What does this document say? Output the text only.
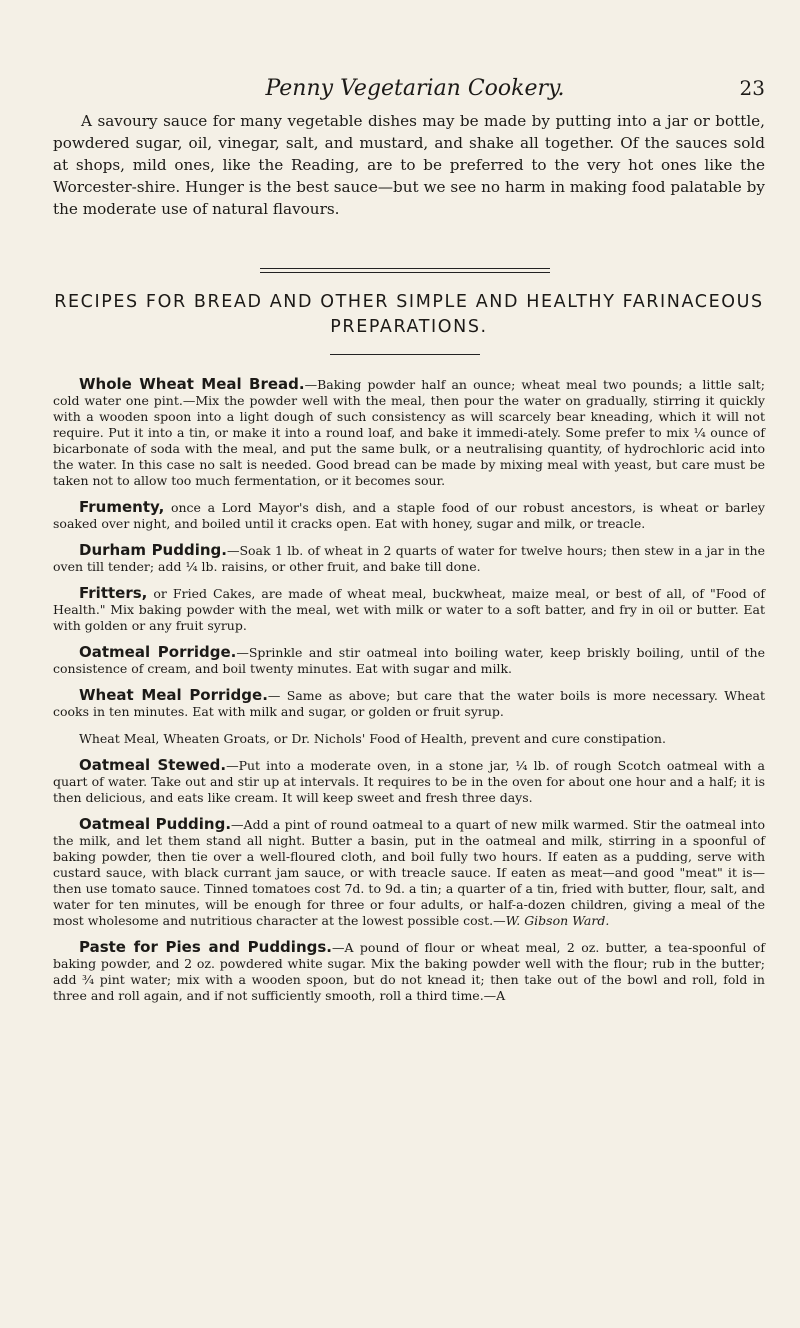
Penny Vegetarian Cookery.	23

A savoury sauce for many vegetable dishes may be made by putting into a jar or bottle, powdered sugar, oil, vinegar, salt, and mustard, and shake all together. Of the sauces sold at shops, mild ones, like the Reading, are to be preferred to the very hot ones like the Worcester-shire. Hunger is the best sauce—but we see no harm in making food palatable by the moderate use of natural flavours.

RECIPES FOR BREAD AND OTHER SIMPLE AND HEALTHY FARINACEOUS PREPARATIONS.

Whole Wheat Meal Bread.—Baking powder half an ounce; wheat meal two pounds; a little salt; cold water one pint.—Mix the powder well with the meal, then pour the water on gradually, stirring it quickly with a wooden spoon into a light dough of such consistency as will scarcely bear kneading, which it will not require. Put it into a tin, or make it into a round loaf, and bake it immedi-ately. Some prefer to mix ¼ ounce of bicarbonate of soda with the meal, and put the same bulk, or a neutralising quantity, of hydrochloric acid into the water. In this case no salt is needed. Good bread can be made by mixing meal with yeast, but care must be taken not to allow too much fermentation, or it becomes sour.

Frumenty, once a Lord Mayor's dish, and a staple food of our robust ancestors, is wheat or barley soaked over night, and boiled until it cracks open. Eat with honey, sugar and milk, or treacle.

Durham Pudding.—Soak 1 lb. of wheat in 2 quarts of water for twelve hours; then stew in a jar in the oven till tender; add ¼ lb. raisins, or other fruit, and bake till done.

Fritters, or Fried Cakes, are made of wheat meal, buckwheat, maize meal, or best of all, of "Food of Health." Mix baking powder with the meal, wet with milk or water to a soft batter, and fry in oil or butter. Eat with golden or any fruit syrup.

Oatmeal Porridge.—Sprinkle and stir oatmeal into boiling water, keep briskly boiling, until of the consistence of cream, and boil twenty minutes. Eat with sugar and milk.

Wheat Meal Porridge.— Same as above; but care that the water boils is more necessary. Wheat cooks in ten minutes. Eat with milk and sugar, or golden or fruit syrup.

Wheat Meal, Wheaten Groats, or Dr. Nichols' Food of Health, prevent and cure constipation.

Oatmeal Stewed.—Put into a moderate oven, in a stone jar, ¼ lb. of rough Scotch oatmeal with a quart of water. Take out and stir up at intervals. It requires to be in the oven for about one hour and a half; it is then delicious, and eats like cream. It will keep sweet and fresh three days.

Oatmeal Pudding.—Add a pint of round oatmeal to a quart of new milk warmed. Stir the oatmeal into the milk, and let them stand all night. Butter a basin, put in the oatmeal and milk, stirring in a spoonful of baking powder, then tie over a well-floured cloth, and boil fully two hours. If eaten as a pudding, serve with custard sauce, with black currant jam sauce, or with treacle sauce. If eaten as meat—and good "meat" it is—then use tomato sauce. Tinned tomatoes cost 7d. to 9d. a tin; a quarter of a tin, fried with butter, flour, salt, and water for ten minutes, will be enough for three or four adults, or half-a-dozen children, giving a meal of the most wholesome and nutritious character at the lowest possible cost.—W. Gibson Ward.

Paste for Pies and Puddings.—A pound of flour or wheat meal, 2 oz. butter, a tea-spoonful of baking powder, and 2 oz. powdered white sugar. Mix the baking powder well with the flour; rub in the butter; add ¾ pint water; mix with a wooden spoon, but do not knead it; then take out of the bowl and roll, fold in three and roll again, and if not sufficiently smooth, roll a third time.—A
